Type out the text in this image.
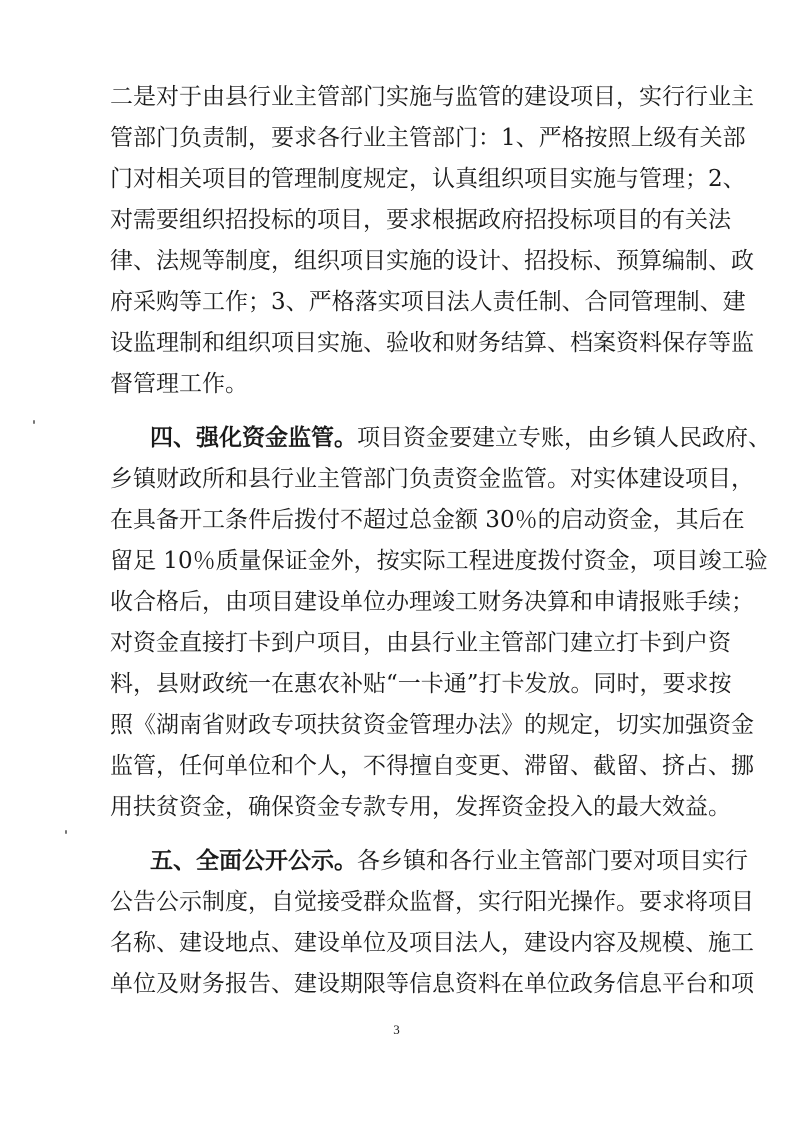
二是对于由县行业主管部门实施与监管的建设项目，实行行业主
管部门负责制，要求各行业主管部门：1、严格按照上级有关部
门对相关项目的管理制度规定，认真组织项目实施与管理；2、
对需要组织招投标的项目，要求根据政府招投标项目的有关法
律、法规等制度，组织项目实施的设计、招投标、预算编制、政
府采购等工作；3、严格落实项目法人责任制、合同管理制、建
设监理制和组织项目实施、验收和财务结算、档案资料保存等监
督管理工作。
四、强化资金监管。项目资金要建立专账，由乡镇人民政府、
乡镇财政所和县行业主管部门负责资金监管。对实体建设项目，
在具备开工条件后拨付不超过总金额 30％的启动资金，其后在
留足 10％质量保证金外，按实际工程进度拨付资金，项目竣工验
收合格后，由项目建设单位办理竣工财务决算和申请报账手续；
对资金直接打卡到户项目，由县行业主管部门建立打卡到户资
料，县财政统一在惠农补贴“一卡通”打卡发放。同时，要求按
照《湖南省财政专项扶贫资金管理办法》的规定，切实加强资金
监管，任何单位和个人，不得擅自变更、滞留、截留、挤占、挪
用扶贫资金，确保资金专款专用，发挥资金投入的最大效益。
五、全面公开公示。各乡镇和各行业主管部门要对项目实行
公告公示制度，自觉接受群众监督，实行阳光操作。要求将项目
名称、建设地点、建设单位及项目法人，建设内容及规模、施工
单位及财务报告、建设期限等信息资料在单位政务信息平台和项
3
